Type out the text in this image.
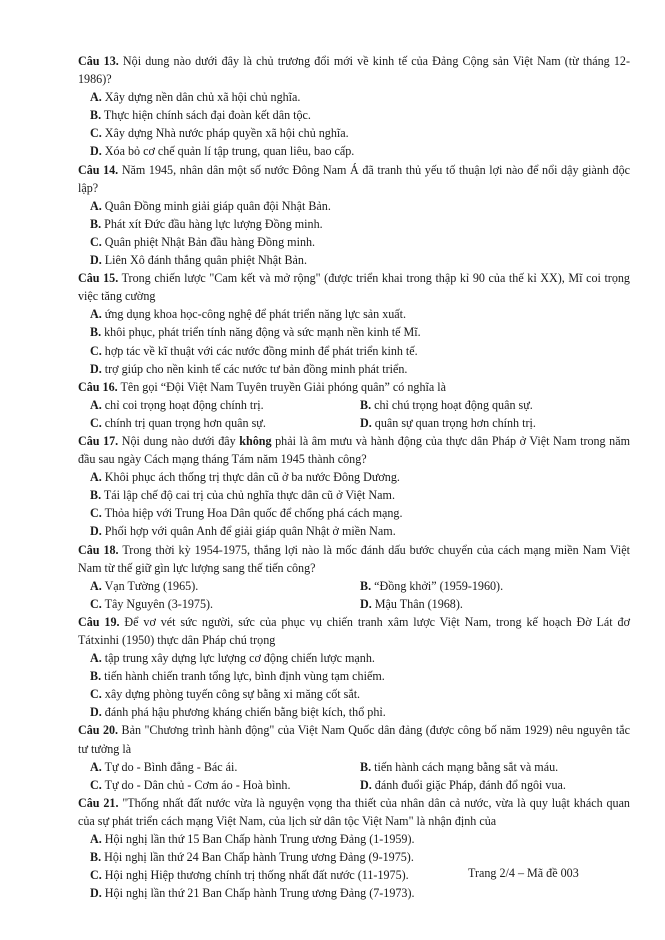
Câu 13. Nội dung nào dưới đây là chủ trương đổi mới về kinh tế của Đảng Cộng sản Việt Nam (từ tháng 12-1986)?
A. Xây dựng nền dân chủ xã hội chủ nghĩa.
B. Thực hiện chính sách đại đoàn kết dân tộc.
C. Xây dựng Nhà nước pháp quyền xã hội chủ nghĩa.
D. Xóa bỏ cơ chế quản lí tập trung, quan liêu, bao cấp.
Câu 14. Năm 1945, nhân dân một số nước Đông Nam Á đã tranh thủ yếu tố thuận lợi nào để nổi dậy giành độc lập?
A. Quân Đồng minh giải giáp quân đội Nhật Bản.
B. Phát xít Đức đầu hàng lực lượng Đồng minh.
C. Quân phiệt Nhật Bản đầu hàng Đồng minh.
D. Liên Xô đánh thắng quân phiệt Nhật Bản.
Câu 15. Trong chiến lược "Cam kết và mở rộng" (được triển khai trong thập kỉ 90 của thế kỉ XX), Mĩ coi trọng việc tăng cường
A. ứng dụng khoa học-công nghệ để phát triển năng lực sản xuất.
B. khôi phục, phát triển tính năng động và sức mạnh nền kinh tế Mĩ.
C. hợp tác về kĩ thuật với các nước đồng minh để phát triển kinh tế.
D. trợ giúp cho nền kinh tế các nước tư bản đồng minh phát triển.
Câu 16. Tên gọi “Đội Việt Nam Tuyên truyền Giải phóng quân” có nghĩa là
A. chỉ coi trọng hoạt động chính trị.	B. chỉ chú trọng hoạt động quân sự.
C. chính trị quan trọng hơn quân sự.	D. quân sự quan trọng hơn chính trị.
Câu 17. Nội dung nào dưới đây không phải là âm mưu và hành động của thực dân Pháp ở Việt Nam trong năm đầu sau ngày Cách mạng tháng Tám năm 1945 thành công?
A. Khôi phục ách thống trị thực dân cũ ở ba nước Đông Dương.
B. Tái lập chế độ cai trị của chủ nghĩa thực dân cũ ở Việt Nam.
C. Thỏa hiệp với Trung Hoa Dân quốc để chống phá cách mạng.
D. Phối hợp với quân Anh để giải giáp quân Nhật ở miền Nam.
Câu 18. Trong thời kỳ 1954-1975, thắng lợi nào là mốc đánh dấu bước chuyển của cách mạng miền Nam Việt Nam từ thế giữ gìn lực lượng sang thế tiến công?
A. Vạn Tường (1965).	B. “Đồng khởi” (1959-1960).
C. Tây Nguyên (3-1975).	D. Mậu Thân (1968).
Câu 19. Để vơ vét sức người, sức của phục vụ chiến tranh xâm lược Việt Nam, trong kế hoạch Đờ Lát đơ Tátxinhi (1950) thực dân Pháp chú trọng
A. tập trung xây dựng lực lượng cơ động chiến lược mạnh.
B. tiến hành chiến tranh tổng lực, bình định vùng tạm chiếm.
C. xây dựng phòng tuyến công sự bằng xi măng cốt sắt.
D. đánh phá hậu phương kháng chiến bằng biệt kích, thổ phỉ.
Câu 20. Bản "Chương trình hành động" của Việt Nam Quốc dân đảng (được công bố năm 1929) nêu nguyên tắc tư tưởng là
A. Tự do - Bình đẳng - Bác ái.	B. tiến hành cách mạng bằng sắt và máu.
C. Tự do - Dân chủ - Cơm áo - Hoà bình.	D. đánh đuổi giặc Pháp, đánh đổ ngôi vua.
Câu 21. "Thống nhất đất nước vừa là nguyện vọng tha thiết của nhân dân cả nước, vừa là quy luật khách quan của sự phát triển cách mạng Việt Nam, của lịch sử dân tộc Việt Nam" là nhận định của
A. Hội nghị lần thứ 15 Ban Chấp hành Trung ương Đảng (1-1959).
B. Hội nghị lần thứ 24 Ban Chấp hành Trung ương Đảng (9-1975).
C. Hội nghị Hiệp thương chính trị thống nhất đất nước (11-1975).
D. Hội nghị lần thứ 21 Ban Chấp hành Trung ương Đảng (7-1973).
Trang 2/4 – Mã đề 003
